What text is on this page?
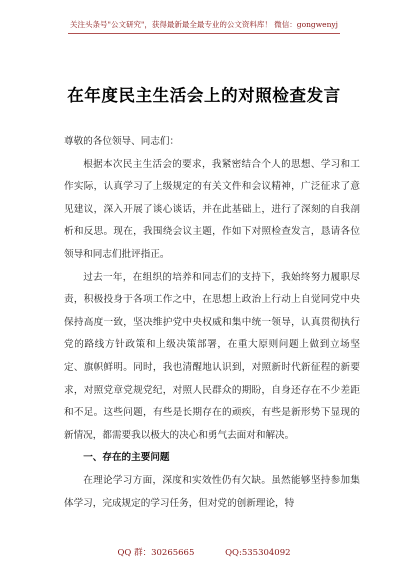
关注头条号"公文研究"，获得最新最全最专业的公文资料库！ 微信：gongwenyj
在年度民主生活会上的对照检查发言

尊敬的各位领导、同志们：

根据本次民主生活会的要求，我紧密结合个人的思想、学习和工作实际，认真学习了上级规定的有关文件和会议精神，广泛征求了意见建议，深入开展了谈心谈话，并在此基础上，进行了深刻的自我剖析和反思。现在，我围绕会议主题，作如下对照检查发言，恳请各位领导和同志们批评指正。

过去一年，在组织的培养和同志们的支持下，我始终努力履职尽责，积极投身于各项工作之中，在思想上政治上行动上自觉同党中央保持高度一致，坚决维护党中央权威和集中统一领导，认真贯彻执行党的路线方针政策和上级决策部署，在重大原则问题上做到立场坚定、旗帜鲜明。同时，我也清醒地认识到，对照新时代新征程的新要求，对照党章党规党纪，对照人民群众的期盼，自身还存在不少差距和不足。这些问题，有些是长期存在的顽疾，有些是新形势下显现的新情况，都需要我以极大的决心和勇气去面对和解决。

一、存在的主要问题

在理论学习方面，深度和实效性仍有欠缺。虽然能够坚持参加集体学习，完成规定的学习任务，但对党的创新理论，特

QQ 群：30265665	QQ:535304092
